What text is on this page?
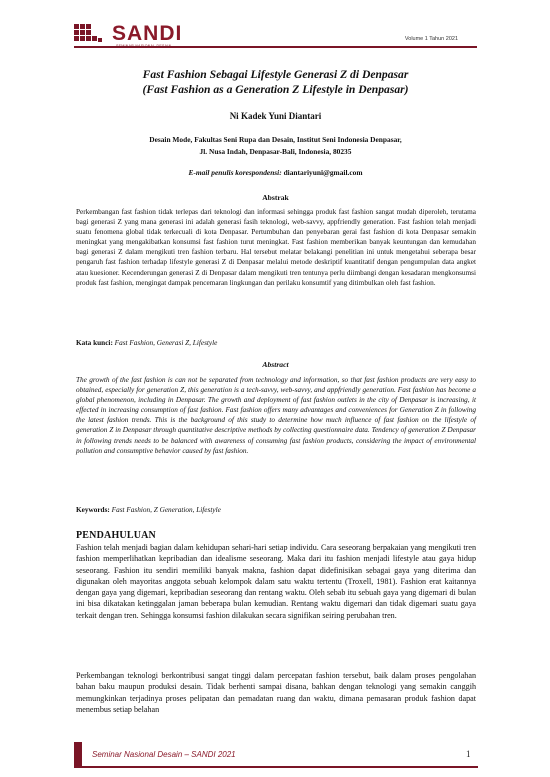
SANDI	Volume 1 Tahun 2021
Fast Fashion Sebagai Lifestyle Generasi Z di Denpasar
(Fast Fashion as a Generation Z Lifestyle in Denpasar)
Ni Kadek Yuni Diantari
Desain Mode, Fakultas Seni Rupa dan Desain, Institut Seni Indonesia Denpasar,
Jl. Nusa Indah, Denpasar-Bali, Indonesia, 80235
E-mail penulis korespondensi: diantariyuni@gmail.com
Abstrak
Perkembangan fast fashion tidak terlepas dari teknologi dan informasi sehingga produk fast fashion sangat mudah diperoleh, terutama bagi generasi Z yang mana generasi ini adalah generasi fasih teknologi, web-savvy, appfriendly generation. Fast fashion telah menjadi suatu fenomena global tidak terkecuali di kota Denpasar. Pertumbuhan dan penyebaran gerai fast fashion di kota Denpasar semakin meningkat yang mengakibatkan konsumsi fast fashion turut meningkat. Fast fashion memberikan banyak keuntungan dan kemudahan bagi generasi Z dalam mengikuti tren fashion terbaru. Hal tersebut melatar belakangi penelitian ini untuk mengetahui seberapa besar pengaruh fast fashion terhadap lifestyle generasi Z di Denpasar melalui metode deskriptif kuantitatif dengan pengumpulan data angket atau kuesioner. Kecenderungan generasi Z di Denpasar dalam mengikuti tren tentunya perlu diimbangi dengan kesadaran mengkonsumsi produk fast fashion, mengingat dampak pencemaran lingkungan dan perilaku konsumtif yang ditimbulkan oleh fast fashion.
Kata kunci: Fast Fashion, Generasi Z, Lifestyle
Abstract
The growth of the fast fashion is can not be separated from technology and information, so that fast fashion products are very easy to obtained, especially for generation Z, this generation is a tech-savvy, web-savvy, and appfriendly generation. Fast fashion has become a global phenomenon, including in Denpasar. The growth and deployment of fast fashion outlets in the city of Denpasar is increasing, it effected in increasing consumption of fast fashion. Fast fashion offers many advantages and conveniences for Generation Z in following the latest fashion trends. This is the background of this study to determine how much influence of fast fashion on the lifestyle of generation Z in Denpasar through quantitative descriptive methods by collecting questionnaire data. Tendency of generation Z Denpasar in following trends needs to be balanced with awareness of consuming fast fashion products, considering the impact of environmental pollution and consumptive behavior caused by fast fashion.
Keywords: Fast Fashion, Z Generation, Lifestyle
PENDAHULUAN
Fashion telah menjadi bagian dalam kehidupan sehari-hari setiap individu. Cara seseorang berpakaian yang mengikuti tren fashion memperlihatkan kepribadian dan idealisme seseorang. Maka dari itu fashion menjadi lifestyle atau gaya hidup seseorang. Fashion itu sendiri memiliki banyak makna, fashion dapat didefinisikan sebagai gaya yang diterima dan digunakan oleh mayoritas anggota sebuah kelompok dalam satu waktu tertentu (Troxell, 1981). Fashion erat kaitannya dengan gaya yang digemari, kepribadian seseorang dan rentang waktu. Oleh sebab itu sebuah gaya yang digemari di bulan ini bisa dikatakan ketinggalan jaman beberapa bulan kemudian. Rentang waktu digemari dan tidak digemari suatu gaya terkait dengan tren. Sehingga konsumsi fashion dilakukan secara signifikan seiring perubahan tren.
Perkembangan teknologi berkontribusi sangat tinggi dalam percepatan fashion tersebut, baik dalam proses pengolahan bahan baku maupun produksi desain. Tidak berhenti sampai disana, bahkan dengan teknologi yang semakin canggih memungkinkan terjadinya proses pelipatan dan pemadatan ruang dan waktu, dimana pemasaran produk fashion dapat menembus setiap belahan
Seminar Nasional Desain – SANDI 2021	1
